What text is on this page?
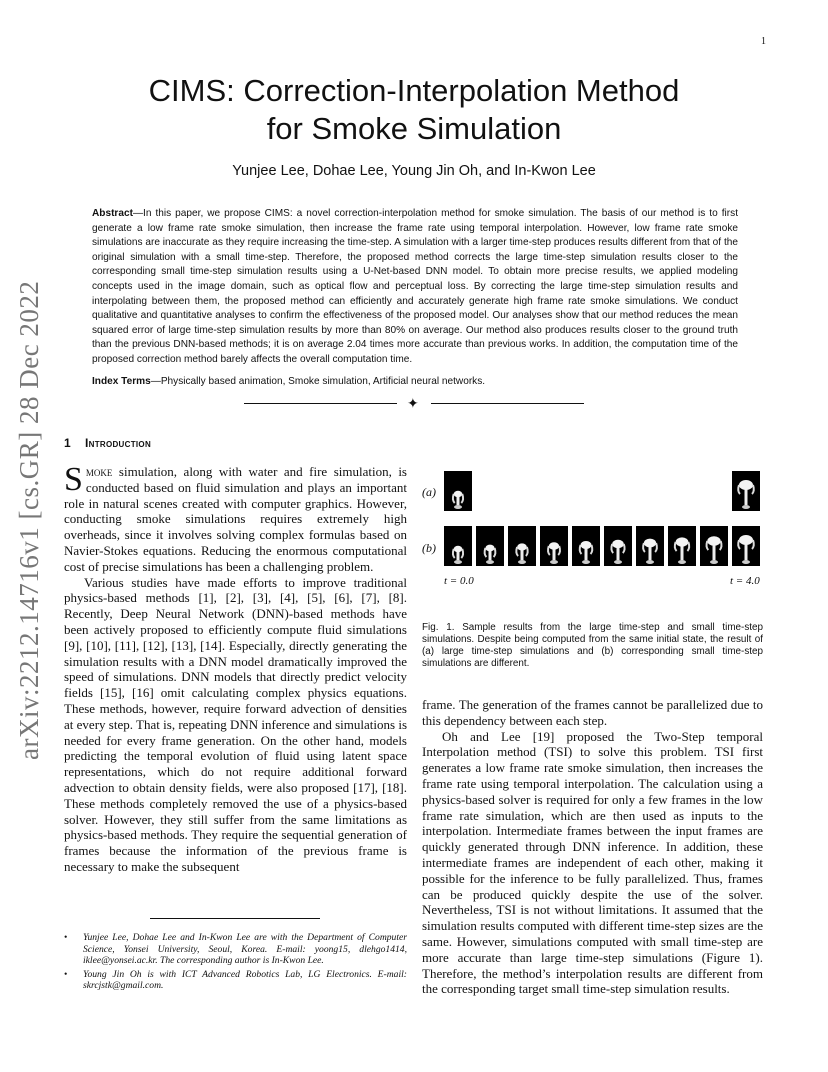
1
arXiv:2212.14716v1 [cs.GR] 28 Dec 2022
CIMS: Correction-Interpolation Method
for Smoke Simulation
Yunjee Lee, Dohae Lee, Young Jin Oh, and In-Kwon Lee
Abstract—In this paper, we propose CIMS: a novel correction-interpolation method for smoke simulation. The basis of our method is to first generate a low frame rate smoke simulation, then increase the frame rate using temporal interpolation. However, low frame rate smoke simulations are inaccurate as they require increasing the time-step. A simulation with a larger time-step produces results different from that of the original simulation with a small time-step. Therefore, the proposed method corrects the large time-step simulation results closer to the corresponding small time-step simulation results using a U-Net-based DNN model. To obtain more precise results, we applied modeling concepts used in the image domain, such as optical flow and perceptual loss. By correcting the large time-step simulation results and interpolating between them, the proposed method can efficiently and accurately generate high frame rate smoke simulations. We conduct qualitative and quantitative analyses to confirm the effectiveness of the proposed model. Our analyses show that our method reduces the mean squared error of large time-step simulation results by more than 80% on average. Our method also produces results closer to the ground truth than the previous DNN-based methods; it is on average 2.04 times more accurate than previous works. In addition, the computation time of the proposed correction method barely affects the overall computation time.
Index Terms—Physically based animation, Smoke simulation, Artificial neural networks.
✦
1 Introduction

Smoke simulation, along with water and fire simulation, is conducted based on fluid simulation and plays an important role in natural scenes created with computer graphics. However, conducting smoke simulations requires extremely high overheads, since it involves solving complex formulas based on Navier-Stokes equations. Reducing the enormous computational cost of precise simulations has been a challenging problem.

Various studies have made efforts to improve traditional physics-based methods [1], [2], [3], [4], [5], [6], [7], [8]. Recently, Deep Neural Network (DNN)-based methods have been actively proposed to efficiently compute fluid simulations [9], [10], [11], [12], [13], [14]. Especially, directly generating the simulation results with a DNN model dramatically improved the speed of simulations. DNN models that directly predict velocity fields [15], [16] omit calculating complex physics equations. These methods, however, require forward advection of densities at every step. That is, repeating DNN inference and simulations is needed for every frame generation. On the other hand, models predicting the temporal evolution of fluid using latent space representations, which do not require additional forward advection to obtain density fields, were also proposed [17], [18]. These methods completely removed the use of a physics-based solver. However, they still suffer from the same limitations as physics-based methods. They require the sequential generation of frames because the information of the previous frame is necessary to make the subsequent

• Yunjee Lee, Dohae Lee and In-Kwon Lee are with the Department of Computer Science, Yonsei University, Seoul, Korea. E-mail: yoong15, dlehgo1414, iklee@yonsei.ac.kr. The corresponding author is In-Kwon Lee.
• Young Jin Oh is with ICT Advanced Robotics Lab, LG Electronics. E-mail: skrcjstk@gmail.com.
(a)
(b)
t = 0.0	t = 4.0
Fig. 1. Sample results from the large time-step and small time-step simulations. Despite being computed from the same initial state, the result of (a) large time-step simulations and (b) corresponding small time-step simulations are different.

frame. The generation of the frames cannot be parallelized due to this dependency between each step.

Oh and Lee [19] proposed the Two-Step temporal Interpolation method (TSI) to solve this problem. TSI first generates a low frame rate smoke simulation, then increases the frame rate using temporal interpolation. The calculation using a physics-based solver is required for only a few frames in the low frame rate simulation, which are then used as inputs to the interpolation. Intermediate frames between the input frames are quickly generated through DNN inference. In addition, these intermediate frames are independent of each other, making it possible for the inference to be fully parallelized. Thus, frames can be produced quickly despite the use of the solver. Nevertheless, TSI is not without limitations. It assumed that the simulation results computed with different time-step sizes are the same. However, simulations computed with small time-step are more accurate than large time-step simulations (Figure 1). Therefore, the method’s interpolation results are different from the corresponding target small time-step simulation results.
